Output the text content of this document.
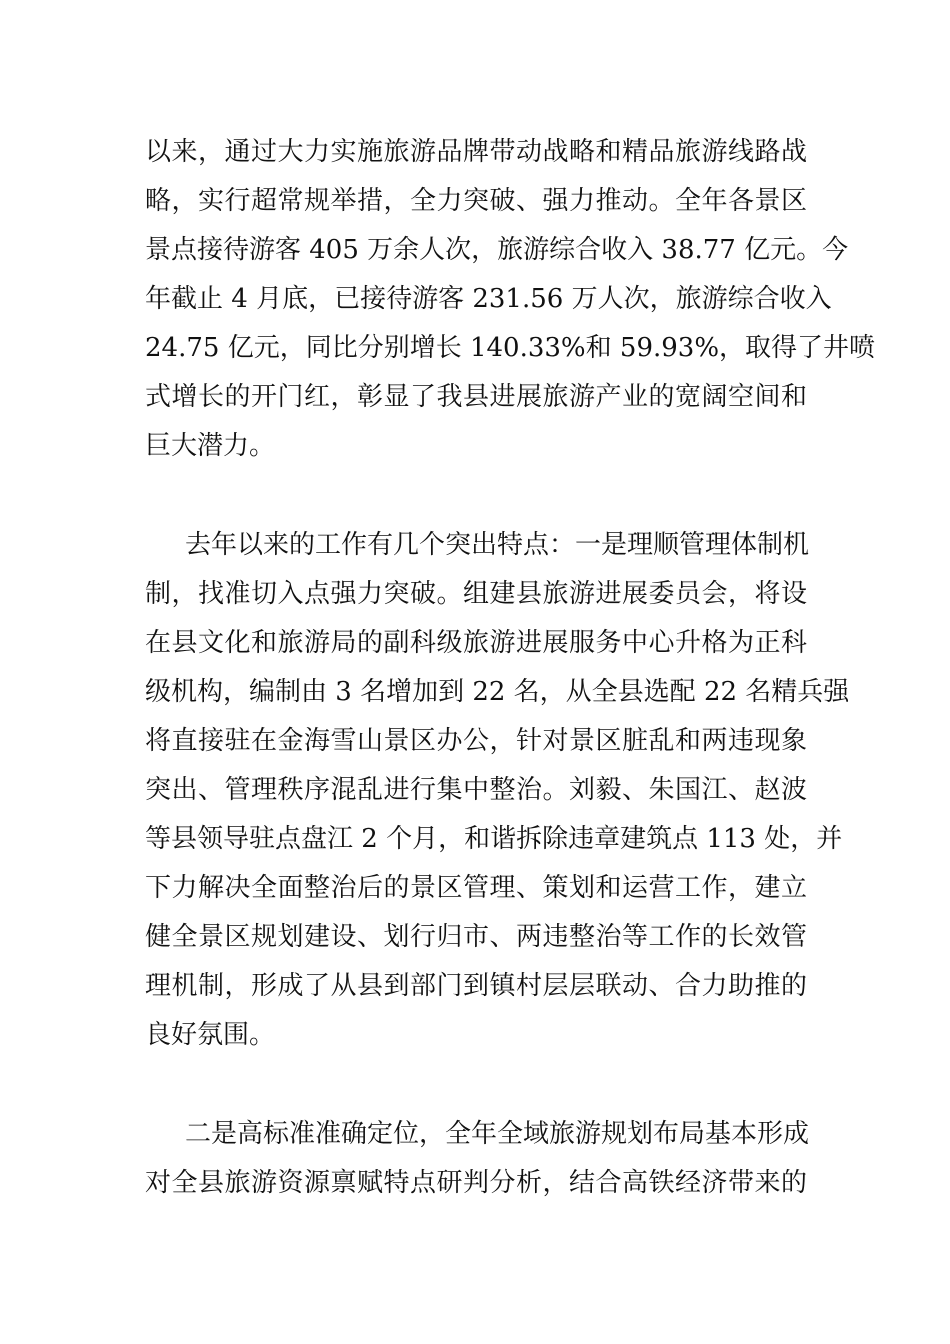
以来，通过大力实施旅游品牌带动战略和精品旅游线路战
略，实行超常规举措，全力突破、强力推动。全年各景区
景点接待游客 405 万余人次，旅游综合收入 38.77 亿元。今
年截止 4 月底，已接待游客 231.56 万人次，旅游综合收入
24.75 亿元，同比分别增长 140.33%和 59.93%，取得了井喷
式增长的开门红，彰显了我县进展旅游产业的宽阔空间和
巨大潜力。
去年以来的工作有几个突出特点：一是理顺管理体制机
制，找准切入点强力突破。组建县旅游进展委员会，将设
在县文化和旅游局的副科级旅游进展服务中心升格为正科
级机构，编制由 3 名增加到 22 名，从全县选配 22 名精兵强
将直接驻在金海雪山景区办公，针对景区脏乱和两违现象
突出、管理秩序混乱进行集中整治。刘毅、朱国江、赵波
等县领导驻点盘江 2 个月，和谐拆除违章建筑点 113 处，并
下力解决全面整治后的景区管理、策划和运营工作，建立
健全景区规划建设、划行归市、两违整治等工作的长效管
理机制，形成了从县到部门到镇村层层联动、合力助推的
良好氛围。
二是高标准准确定位，全年全域旅游规划布局基本形成
对全县旅游资源禀赋特点研判分析，结合高铁经济带来的
